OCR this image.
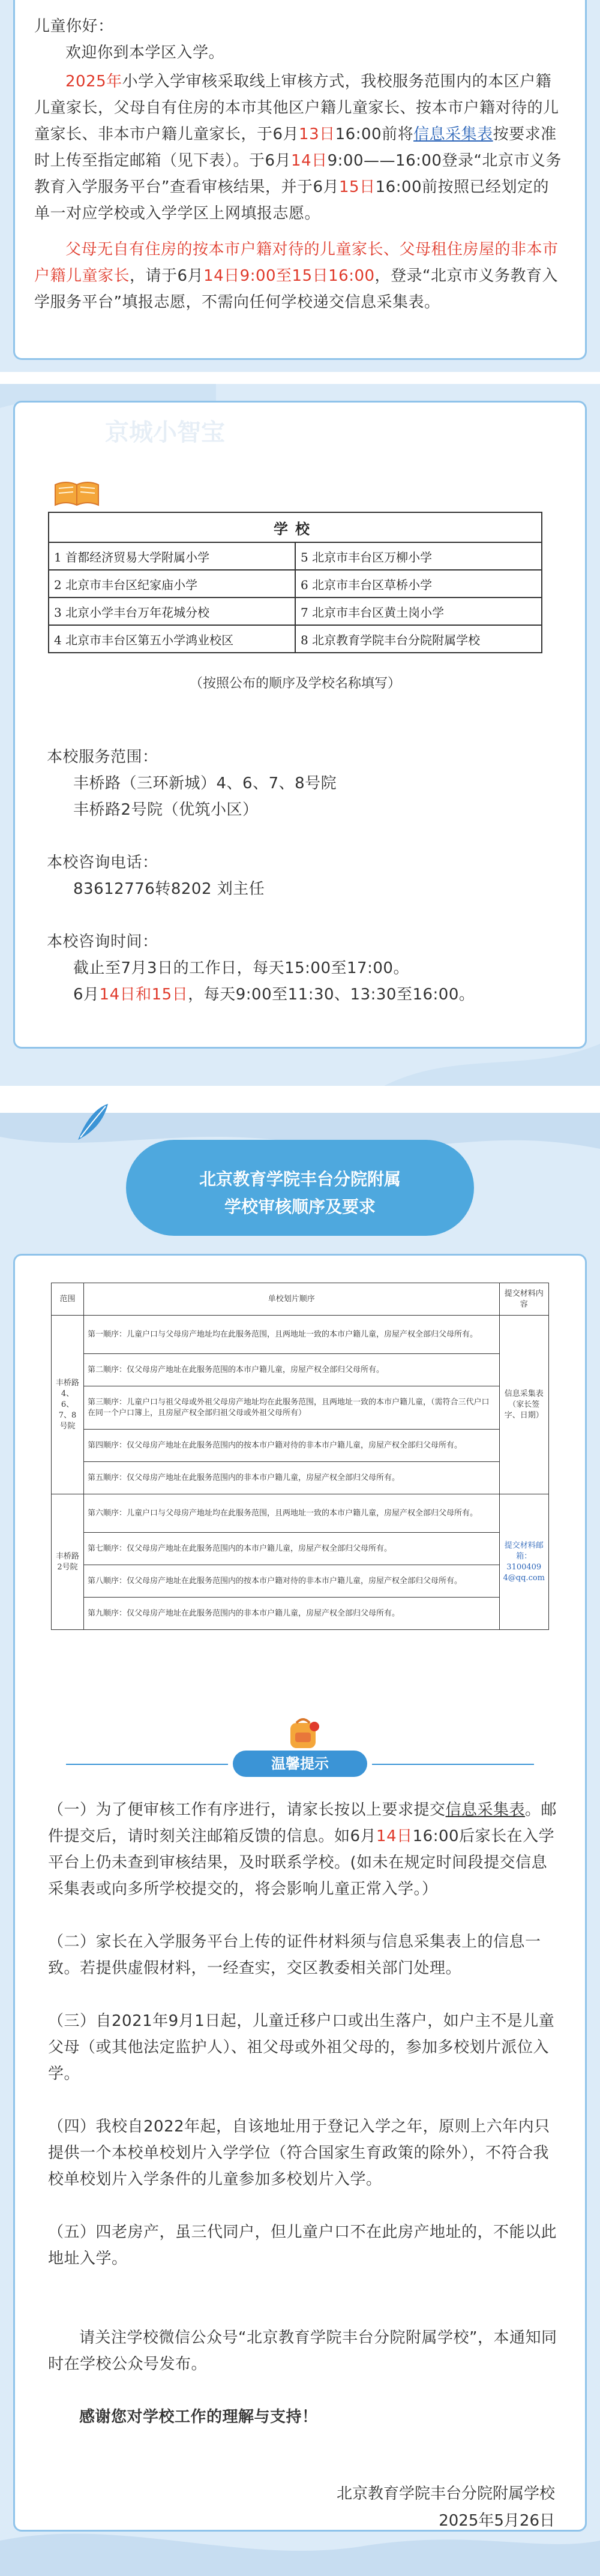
儿童你好：

欢迎你到本学区入学。

2025年小学入学审核采取线上审核方式，我校服务范围内的本区户籍儿童家长，父母自有住房的本市其他区户籍儿童家长、按本市户籍对待的儿童家长、非本市户籍儿童家长，于6月13日16:00前将信息采集表按要求准时上传至指定邮箱（见下表）。于6月14日9:00——16:00登录“北京市义务教育入学服务平台”查看审核结果，并于6月15日16:00前按照已经划定的单一对应学校或入学学区上网填报志愿。

父母无自有住房的按本市户籍对待的儿童家长、父母租住房屋的非本市户籍儿童家长，请于6月14日9:00至15日16:00，登录“北京市义务教育入学服务平台”填报志愿，不需向任何学校递交信息采集表。

京城小智宝
学校	
1 首都经济贸易大学附属小学	5 北京市丰台区万柳小学
2 北京市丰台区纪家庙小学	6 北京市丰台区草桥小学
3 北京小学丰台万年花城分校	7 北京市丰台区黄土岗小学
4 北京市丰台区第五小学鸿业校区	8 北京教育学院丰台分院附属学校
（按照公布的顺序及学校名称填写）

本校服务范围：

丰桥路（三环新城）4、6、7、8号院

丰桥路2号院（优筑小区）

本校咨询电话：

83612776转8202 刘主任

本校咨询时间：

截止至7月3日的工作日，每天15:00至17:00。

6月14日和15日，每天9:00至11:30、13:30至16:00。

北京教育学院丰台分院附属
学校审核顺序及要求
范围	单校划片顺序	提交材料内容
丰桥路4、6、7、8号院	第一顺序：儿童户口与父母房产地址均在此服务范围，且两地址一致的本市户籍儿童，房屋产权全部归父母所有。	信息采集表（家长签字、日期）
	第二顺序：仅父母房产地址在此服务范围的本市户籍儿童，房屋产权全部归父母所有。	
	第三顺序：儿童户口与祖父母或外祖父母房产地址均在此服务范围，且两地址一致的本市户籍儿童，（需符合三代户口在同一个户口簿上，且房屋产权全部归祖父母或外祖父母所有）	
	第四顺序：仅父母房产地址在此服务范围内的按本市户籍对待的非本市户籍儿童，房屋产权全部归父母所有。	
	第五顺序：仅父母房产地址在此服务范围内的非本市户籍儿童，房屋产权全部归父母所有。	
丰桥路2号院	第六顺序：儿童户口与父母房产地址均在此服务范围，且两地址一致的本市户籍儿童，房屋产权全部归父母所有。	提交材料邮箱：3100409 4@qq.com
	第七顺序：仅父母房产地址在此服务范围内的本市户籍儿童，房屋产权全部归父母所有。	
	第八顺序：仅父母房产地址在此服务范围内的按本市户籍对待的非本市户籍儿童，房屋产权全部归父母所有。	
	第九顺序：仅父母房产地址在此服务范围内的非本市户籍儿童，房屋产权全部归父母所有。	
温馨提示

（一）为了便审核工作有序进行，请家长按以上要求提交信息采集表。邮件提交后，请时刻关注邮箱反馈的信息。如6月14日16:00后家长在入学平台上仍未查到审核结果，及时联系学校。(如未在规定时间段提交信息采集表或向多所学校提交的，将会影响儿童正常入学。）

（二）家长在入学服务平台上传的证件材料须与信息采集表上的信息一致。若提供虚假材料，一经查实，交区教委相关部门处理。

（三）自2021年9月1日起，儿童迁移户口或出生落户，如户主不是儿童父母（或其他法定监护人）、祖父母或外祖父母的，参加多校划片派位入学。

（四）我校自2022年起，自该地址用于登记入学之年，原则上六年内只提供一个本校单校划片入学学位（符合国家生育政策的除外），不符合我校单校划片入学条件的儿童参加多校划片入学。

（五）四老房产，虽三代同户，但儿童户口不在此房产地址的，不能以此地址入学。

请关注学校微信公众号“北京教育学院丰台分院附属学校”，本通知同时在学校公众号发布。

感谢您对学校工作的理解与支持！

北京教育学院丰台分院附属学校
2025年5月26日
